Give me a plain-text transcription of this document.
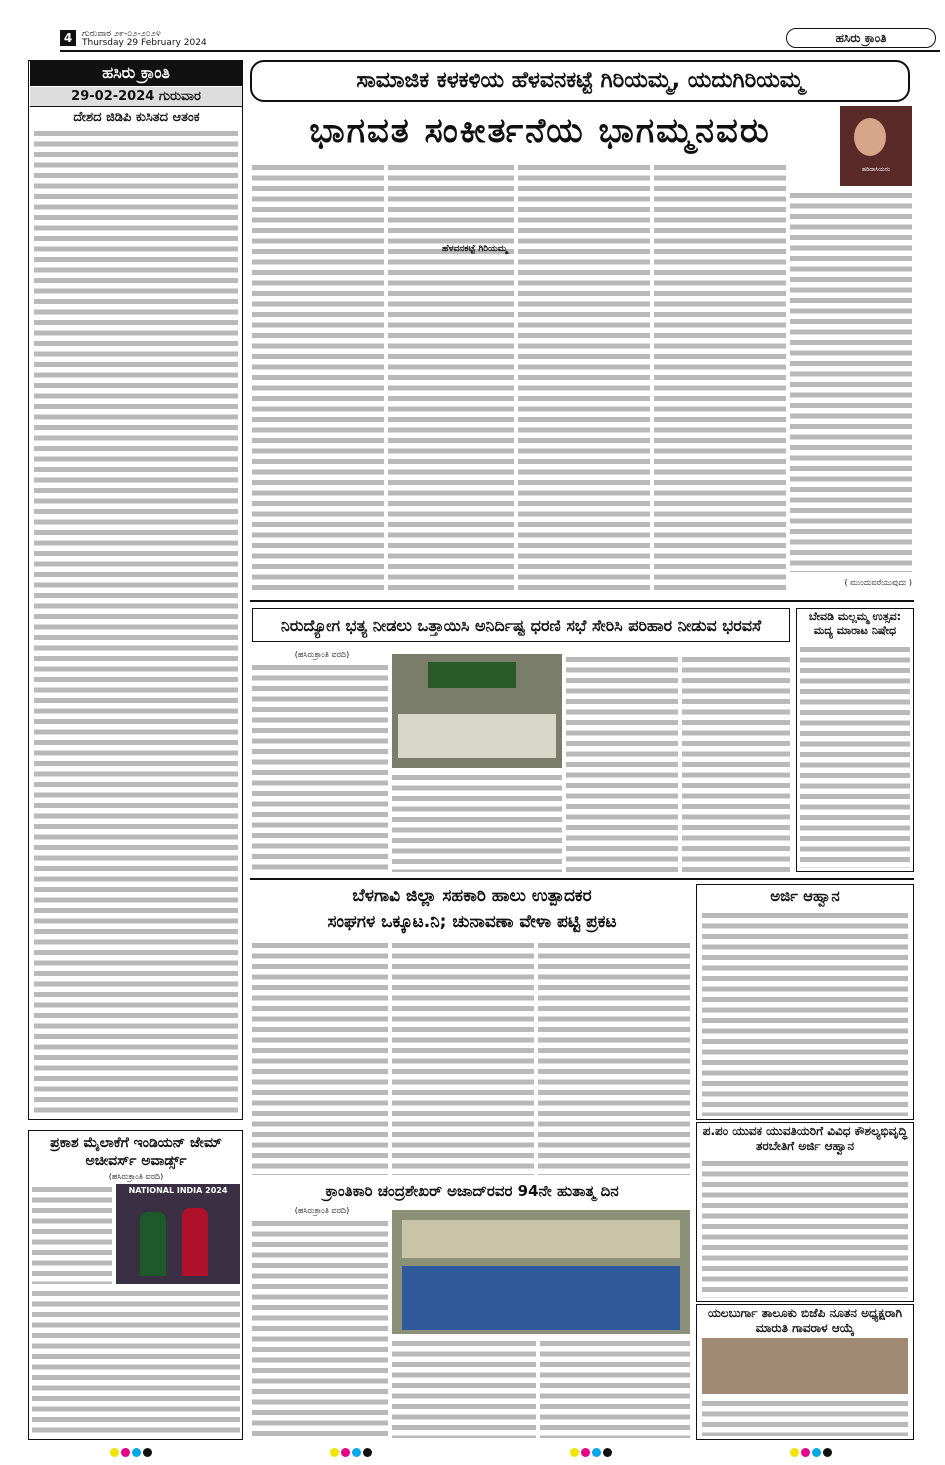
4	ಗುರುವಾರ ೨೯-೦೨-೨೦೨೪
Thursday 29 February 2024	ಹಸಿರು ಕ್ರಾಂತಿ
ಹಸಿರು ಕ್ರಾಂತಿ
29-02-2024 ಗುರುವಾರ
ದೇಶದ ಜಿಡಿಪಿ ಕುಸಿತದ ಆತಂಕ
ಪ್ರಕಾಶ ಮೈಲಾಕೆಗೆ ಇಂಡಿಯನ್ ಜೇಮ್ ಅಚೀವರ್ಸ್ ಅವಾರ್ಡ್ಸ್
(ಹಸಿರುಕ್ರಾಂತಿ ವರದಿ)
NATIONAL INDIA 2024
ಸಾಮಾಜಿಕ ಕಳಕಳಿಯ ಹೆಳವನಕಟ್ಟೆ ಗಿರಿಯಮ್ಮ, ಯದುಗಿರಿಯಮ್ಮ
ಭಾಗವತ ಸಂಕೀರ್ತನೆಯ ಭಾಗಮ್ಮನವರು
ಹರಿದಾಸಿಯರು
ಹೆಳವನಕಟ್ಟೆ ಗಿರಿಯಮ್ಮ
( ಮುಂದುವರೆಯುವುದು )
ನಿರುದ್ಯೋಗ ಭತ್ಯ ನೀಡಲು ಒತ್ತಾಯಿಸಿ ಅನಿರ್ದಿಷ್ಟ ಧರಣಿ ಸಭೆ ಸೇರಿಸಿ ಪರಿಹಾರ ನೀಡುವ ಭರವಸೆ
(ಹಸಿರುಕ್ರಾಂತಿ ವರದಿ)
ಬೇವಡಿ ಮಲ್ಲಮ್ಮ ಉತ್ಸವ: ಮದ್ಯ ಮಾರಾಟ ನಿಷೇಧ
ಬೆಳಗಾವಿ ಜಿಲ್ಲಾ ಸಹಕಾರಿ ಹಾಲು ಉತ್ಪಾದಕರ
ಸಂಘಗಳ ಒಕ್ಕೂಟ.ನಿ; ಚುನಾವಣಾ ವೇಳಾ ಪಟ್ಟಿ ಪ್ರಕಟ
ಅರ್ಜಿ ಆಹ್ವಾನ
ಪ.ಪಂ ಯುವಕ ಯುವತಿಯರಿಗೆ ವಿವಿಧ ಕೌಶಲ್ಯಭಿವೃದ್ಧಿ ತರಬೇತಿಗೆ ಅರ್ಜಿ ಆಹ್ವಾನ
ಕ್ರಾಂತಿಕಾರಿ ಚಂದ್ರಶೇಖರ್ ಅಜಾದ್‌ರವರ 94ನೇ ಹುತಾತ್ಮ ದಿನ
(ಹಸಿರುಕ್ರಾಂತಿ ವರದಿ)
ಯಲಬುರ್ಗಾ ತಾಲೂಕು ಬಿಜೆಪಿ ನೂತನ ಅಧ್ಯಕ್ಷರಾಗಿ ಮಾರುತಿ ಗಾವರಾಳ ಆಯ್ಕೆ
